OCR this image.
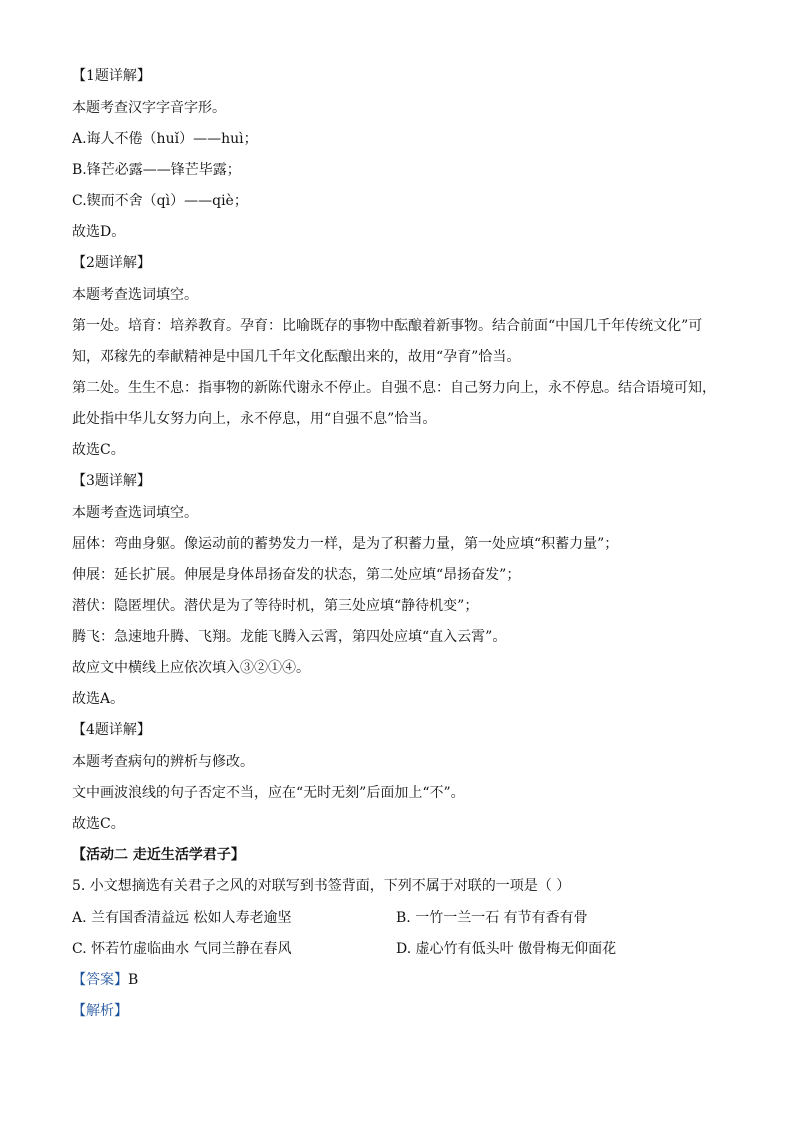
【1题详解】
本题考查汉字字音字形。
A.诲人不倦（huǐ）——huì；
B.锋芒必露——锋芒毕露；
C.锲而不舍（qì）——qiè；
故选D。
【2题详解】
本题考查选词填空。
第一处。培育：培养教育。孕育：比喻既存的事物中酝酿着新事物。结合前面“中国几千年传统文化”可
知，邓稼先的奉献精神是中国几千年文化酝酿出来的，故用“孕育”恰当。
第二处。生生不息：指事物的新陈代谢永不停止。自强不息：自己努力向上，永不停息。结合语境可知，
此处指中华儿女努力向上，永不停息，用“自强不息”恰当。
故选C。
【3题详解】
本题考查选词填空。
屈体：弯曲身躯。像运动前的蓄势发力一样，是为了积蓄力量，第一处应填“积蓄力量”；
伸展：延长扩展。伸展是身体昂扬奋发的状态，第二处应填“昂扬奋发”；
潜伏：隐匿埋伏。潜伏是为了等待时机，第三处应填“静待机变”；
腾飞：急速地升腾、飞翔。龙能飞腾入云霄，第四处应填“直入云霄”。
故应文中横线上应依次填入③②①④。
故选A。
【4题详解】
本题考查病句的辨析与修改。
文中画波浪线的句子否定不当，应在“无时无刻”后面加上“不”。
故选C。
【活动二 走近生活学君子】
5. 小文想摘选有关君子之风的对联写到书签背面，下列不属于对联的一项是（ ）
A. 兰有国香清益远 松如人寿老逾坚	B. 一竹一兰一石 有节有香有骨
C. 怀若竹虚临曲水 气同兰静在春风	D. 虚心竹有低头叶 傲骨梅无仰面花
【答案】B
【解析】
